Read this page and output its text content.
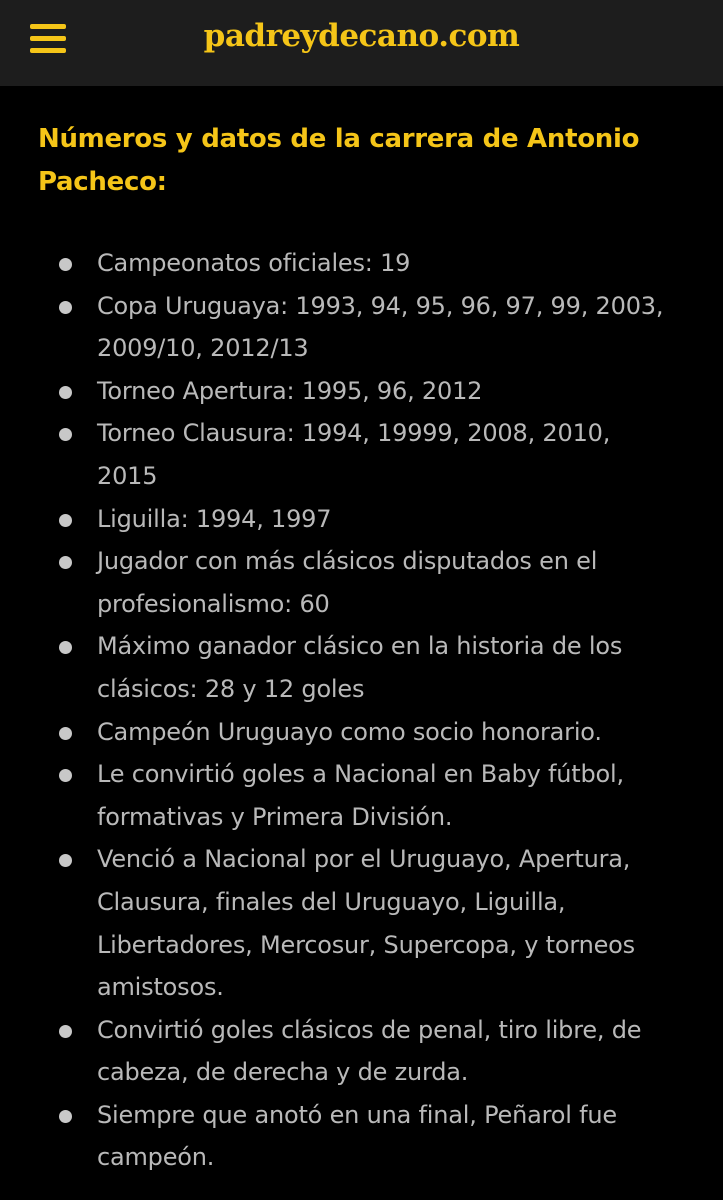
padreydecano.com
Números y datos de la carrera de Antonio Pacheco:
Campeonatos oficiales: 19
Copa Uruguaya: 1993, 94, 95, 96, 97, 99, 2003, 2009/10, 2012/13
Torneo Apertura: 1995, 96, 2012
Torneo Clausura: 1994, 19999, 2008, 2010, 2015
Liguilla: 1994, 1997
Jugador con más clásicos disputados en el profesionalismo: 60
Máximo ganador clásico en la historia de los clásicos: 28 y 12 goles
Campeón Uruguayo como socio honorario.
Le convirtió goles a Nacional en Baby fútbol, formativas y Primera División.
Venció a Nacional por el Uruguayo, Apertura, Clausura, finales del Uruguayo, Liguilla, Libertadores, Mercosur, Supercopa, y torneos amistosos.
Convirtió goles clásicos de penal, tiro libre, de cabeza, de derecha y de zurda.
Siempre que anotó en una final, Peñarol fue campeón.
